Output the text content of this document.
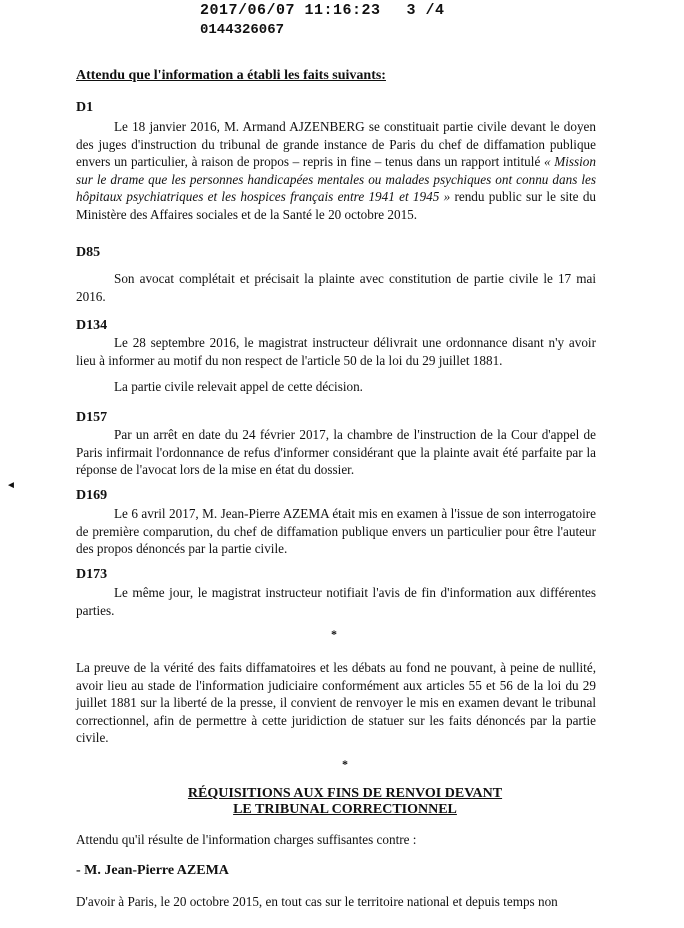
2017/06/07 11:16:23 3 /4
0144326067
Attendu que l'information a établi les faits suivants:
D1
Le 18 janvier 2016, M. Armand AJZENBERG se constituait partie civile devant le doyen des juges d'instruction du tribunal de grande instance de Paris du chef de diffamation publique envers un particulier, à raison de propos – repris in fine – tenus dans un rapport intitulé « Mission sur le drame que les personnes handicapées mentales ou malades psychiques ont connu dans les hôpitaux psychiatriques et les hospices français entre 1941 et 1945 » rendu public sur le site du Ministère des Affaires sociales et de la Santé le 20 octobre 2015.
D85
Son avocat complétait et précisait la plainte avec constitution de partie civile le 17 mai 2016.
D134
Le 28 septembre 2016, le magistrat instructeur délivrait une ordonnance disant n'y avoir lieu à informer au motif du non respect de l'article 50 de la loi du 29 juillet 1881.
La partie civile relevait appel de cette décision.
D157
Par un arrêt en date du 24 février 2017, la chambre de l'instruction de la Cour d'appel de Paris infirmait l'ordonnance de refus d'informer considérant que la plainte avait été parfaite par la réponse de l'avocat lors de la mise en état du dossier.
D169
Le 6 avril 2017, M. Jean-Pierre AZEMA était mis en examen à l'issue de son interrogatoire de première comparution, du chef de diffamation publique envers un particulier pour être l'auteur des propos dénoncés par la partie civile.
D173
Le même jour, le magistrat instructeur notifiait l'avis de fin d'information aux différentes parties.
*
La preuve de la vérité des faits diffamatoires et les débats au fond ne pouvant, à peine de nullité, avoir lieu au stade de l'information judiciaire conformément aux articles 55 et 56 de la loi du 29 juillet 1881 sur la liberté de la presse, il convient de renvoyer le mis en examen devant le tribunal correctionnel, afin de permettre à cette juridiction de statuer sur les faits dénoncés par la partie civile.
*
RÉQUISITIONS AUX FINS DE RENVOI DEVANT
LE TRIBUNAL CORRECTIONNEL
Attendu qu'il résulte de l'information charges suffisantes contre :
- M. Jean-Pierre AZEMA
D'avoir à Paris, le 20 octobre 2015, en tout cas sur le territoire national et depuis temps non
◄
